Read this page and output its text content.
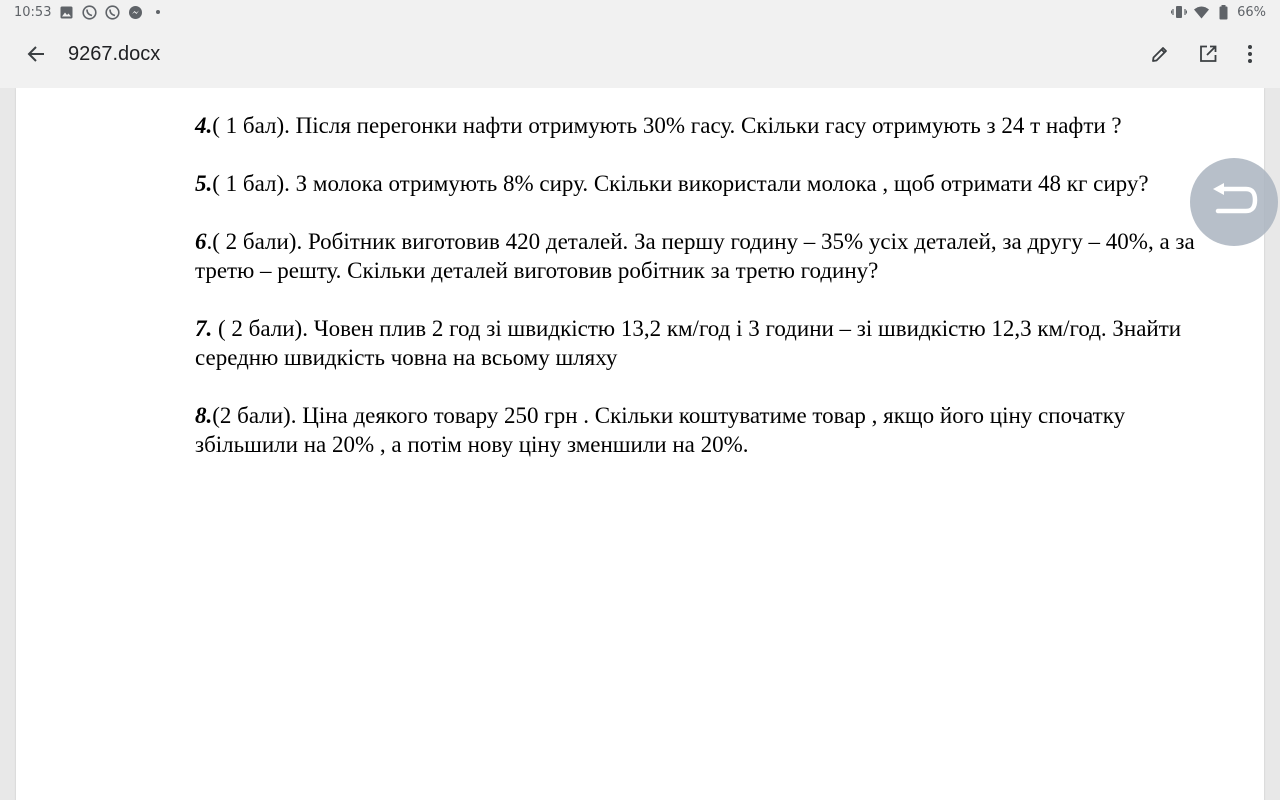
10:53	66%
9267.docx

4.( 1 бал). Після перегонки нафти отримують 30% гасу. Скільки гасу отримують з 24 т нафти ?

5.( 1 бал). З молока отримують 8% сиру. Скільки використали молока , щоб отримати 48 кг сиру?

6.( 2 бали). Робітник виготовив 420 деталей. За першу годину – 35% усіх деталей, за другу – 40%, а за третю – решту. Скільки деталей виготовив робітник за третю годину?

7. ( 2 бали). Човен плив 2 год зі швидкістю 13,2 км/год і 3 години – зі швидкістю 12,3 км/год. Знайти середню швидкість човна на всьому шляху

8.(2 бали). Ціна деякого товару 250 грн . Скільки коштуватиме товар , якщо його ціну спочатку збільшили на 20% , а потім нову ціну зменшили на 20%.
